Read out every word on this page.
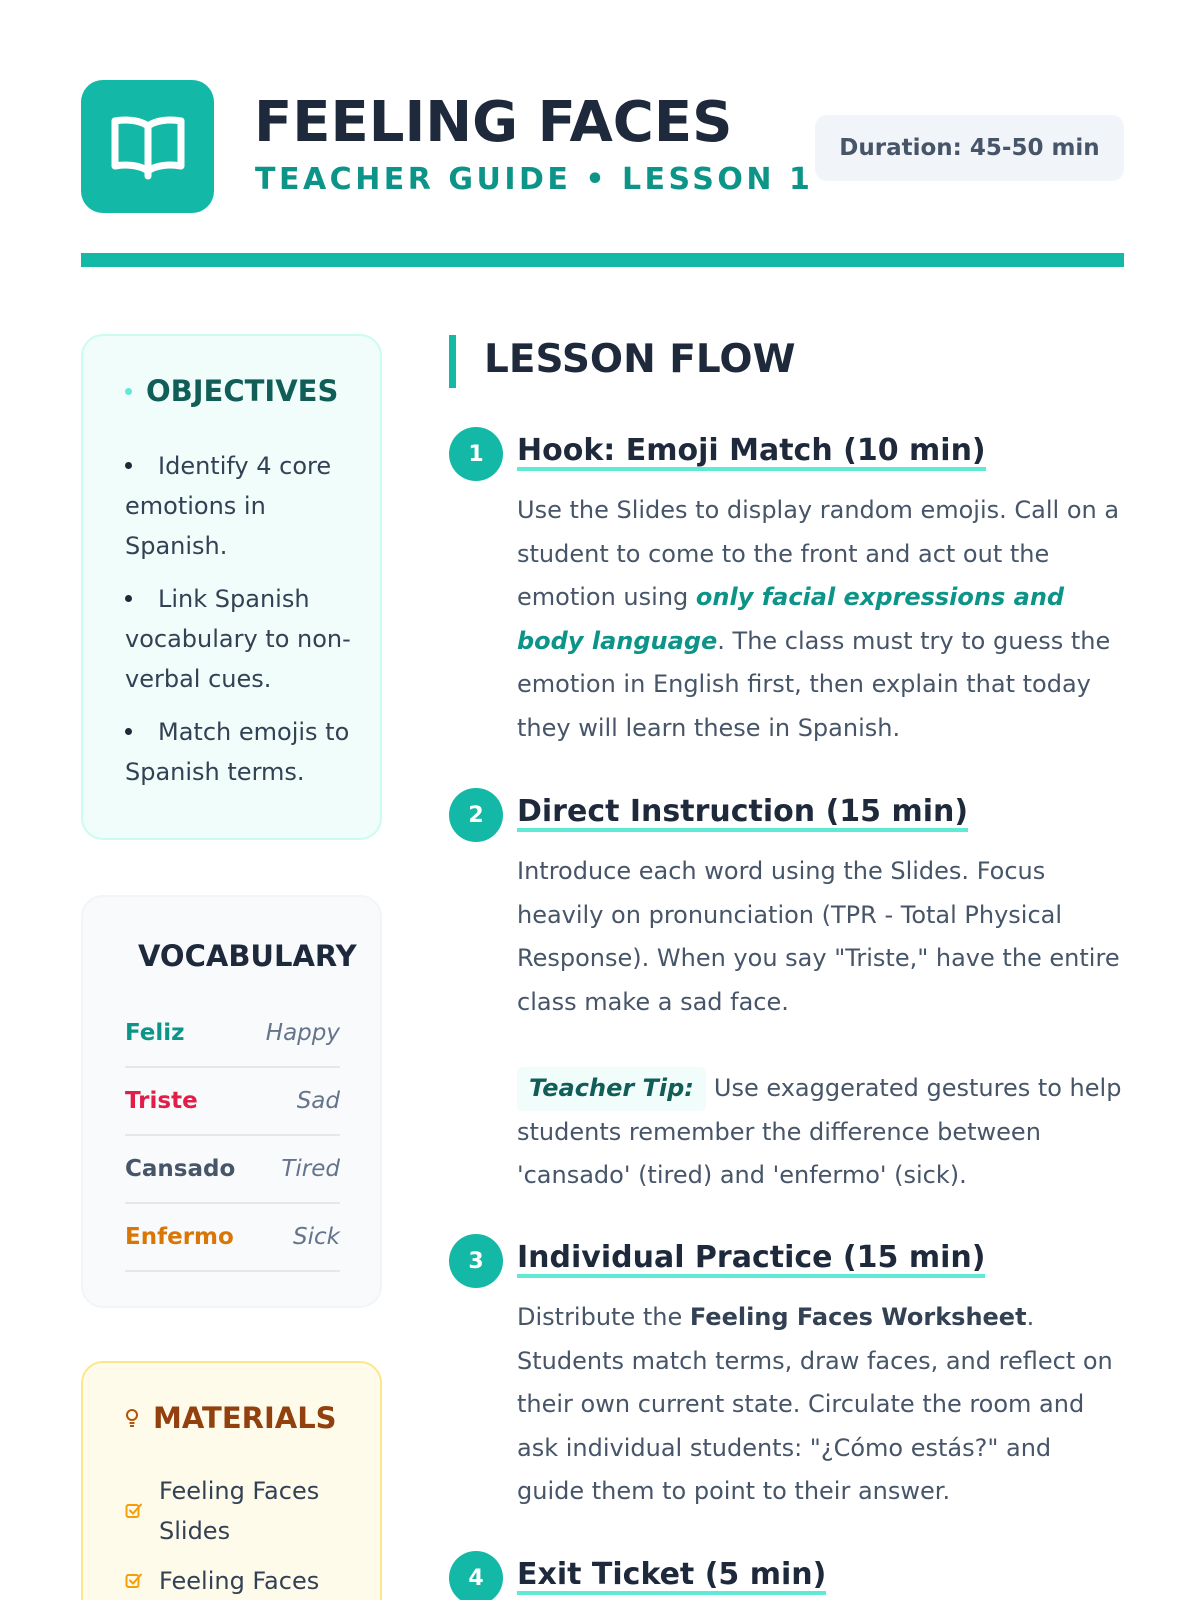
FEELING FACES
TEACHER GUIDE • LESSON 1
Duration: 45-50 min
OBJECTIVES
Identify 4 core emotions in Spanish.
Link Spanish vocabulary to non-verbal cues.
Match emojis to Spanish terms.
VOCABULARY
Feliz	Happy
Triste	Sad
Cansado Tired
Enfermo	Sick
MATERIALS
Feeling Faces Slides
Feeling Faces
LESSON FLOW
1	Hook: Emoji Match (10 min)
Use the Slides to display random emojis. Call on a student to come to the front and act out the emotion using only facial expressions and body language. The class must try to guess the emotion in English first, then explain that today they will learn these in Spanish.
2	Direct Instruction (15 min)
Introduce each word using the Slides. Focus heavily on pronunciation (TPR - Total Physical Response). When you say "Triste," have the entire class make a sad face.
Teacher Tip: Use exaggerated gestures to help students remember the difference between 'cansado' (tired) and 'enfermo' (sick).
3	Individual Practice (15 min)
Distribute the Feeling Faces Worksheet. Students match terms, draw faces, and reflect on their own current state. Circulate the room and ask individual students: "¿Cómo estás?" and guide them to point to their answer.
4	Exit Ticket (5 min)
